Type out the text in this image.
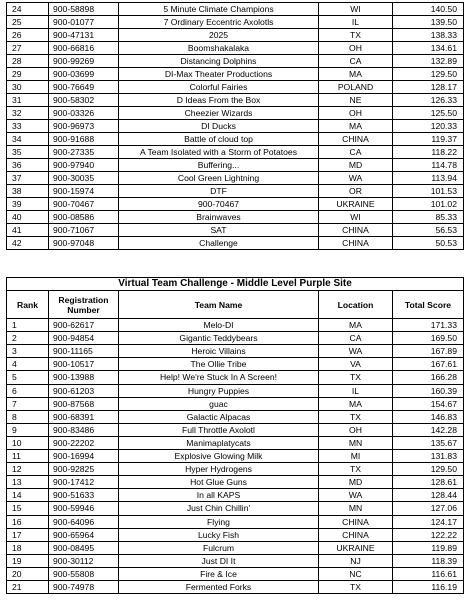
24	900-58898	5 Minute Climate Champions	WI	140.50
25	900-01077	7 Ordinary Eccentric Axolotls	IL	139.50
26	900-47131	2025	TX	138.33
27	900-66816	Boomshakalaka	OH	134.61
28	900-99269	Distancing Dolphins	CA	132.89
29	900-03699	DI-Max Theater Productions	MA	129.50
30	900-76649	Colorful Fairies	POLAND	128.17
31	900-58302	D Ideas From the Box	NE	126.33
32	900-03326	Cheezier Wizards	OH	125.50
33	900-96973	DI Ducks	MA	120.33
34	900-91688	Battle of cloud top	CHINA	119.37
35	900-27335	A Team Isolated with a Storm of Potatoes	CA	118.22
36	900-97940	Buffering...	MD	114.78
37	900-30035	Cool Green Lightning	WA	113.94
38	900-15974	DTF	OR	101.53
39	900-70467	900-70467	UKRAINE	101.02
40	900-08586	Brainwaves	WI	85.33
41	900-71067	SAT	CHINA	56.53
42	900-97048	Challenge	CHINA	50.53
Virtual Team Challenge - Middle Level Purple Site				
Rank	Registration Number	Team Name	Location	Total Score
1	900-62617	Melo-DI	MA	171.33
2	900-94854	Gigantic Teddybears	CA	169.50
3	900-11165	Heroic Villains	WA	167.89
4	900-10517	The Ollie Tribe	VA	167.61
5	900-13988	Help! We're Stuck In A Screen!	TX	166.28
6	900-61203	Hungry Puppies	IL	160.39
7	900-87568	guac	MA	154.67
8	900-68391	Galactic Alpacas	TX	146.83
9	900-83486	Full Throttle Axolotl	OH	142.28
10	900-22202	Manimaplatycats	MN	135.67
11	900-16994	Explosive Glowing Milk	MI	131.83
12	900-92825	Hyper Hydrogens	TX	129.50
13	900-17412	Hot Glue Guns	MD	128.61
14	900-51633	In all KAPS	WA	128.44
15	900-59946	Just Chin Chillin'	MN	127.06
16	900-64096	Flying	CHINA	124.17
17	900-65964	Lucky Fish	CHINA	122.22
18	900-08495	Fulcrum	UKRAINE	119.89
19	900-30112	Just DI It	NJ	118.39
20	900-55808	Fire & Ice	NC	116.61
21	900-74978	Fermented Forks	TX	116.19
